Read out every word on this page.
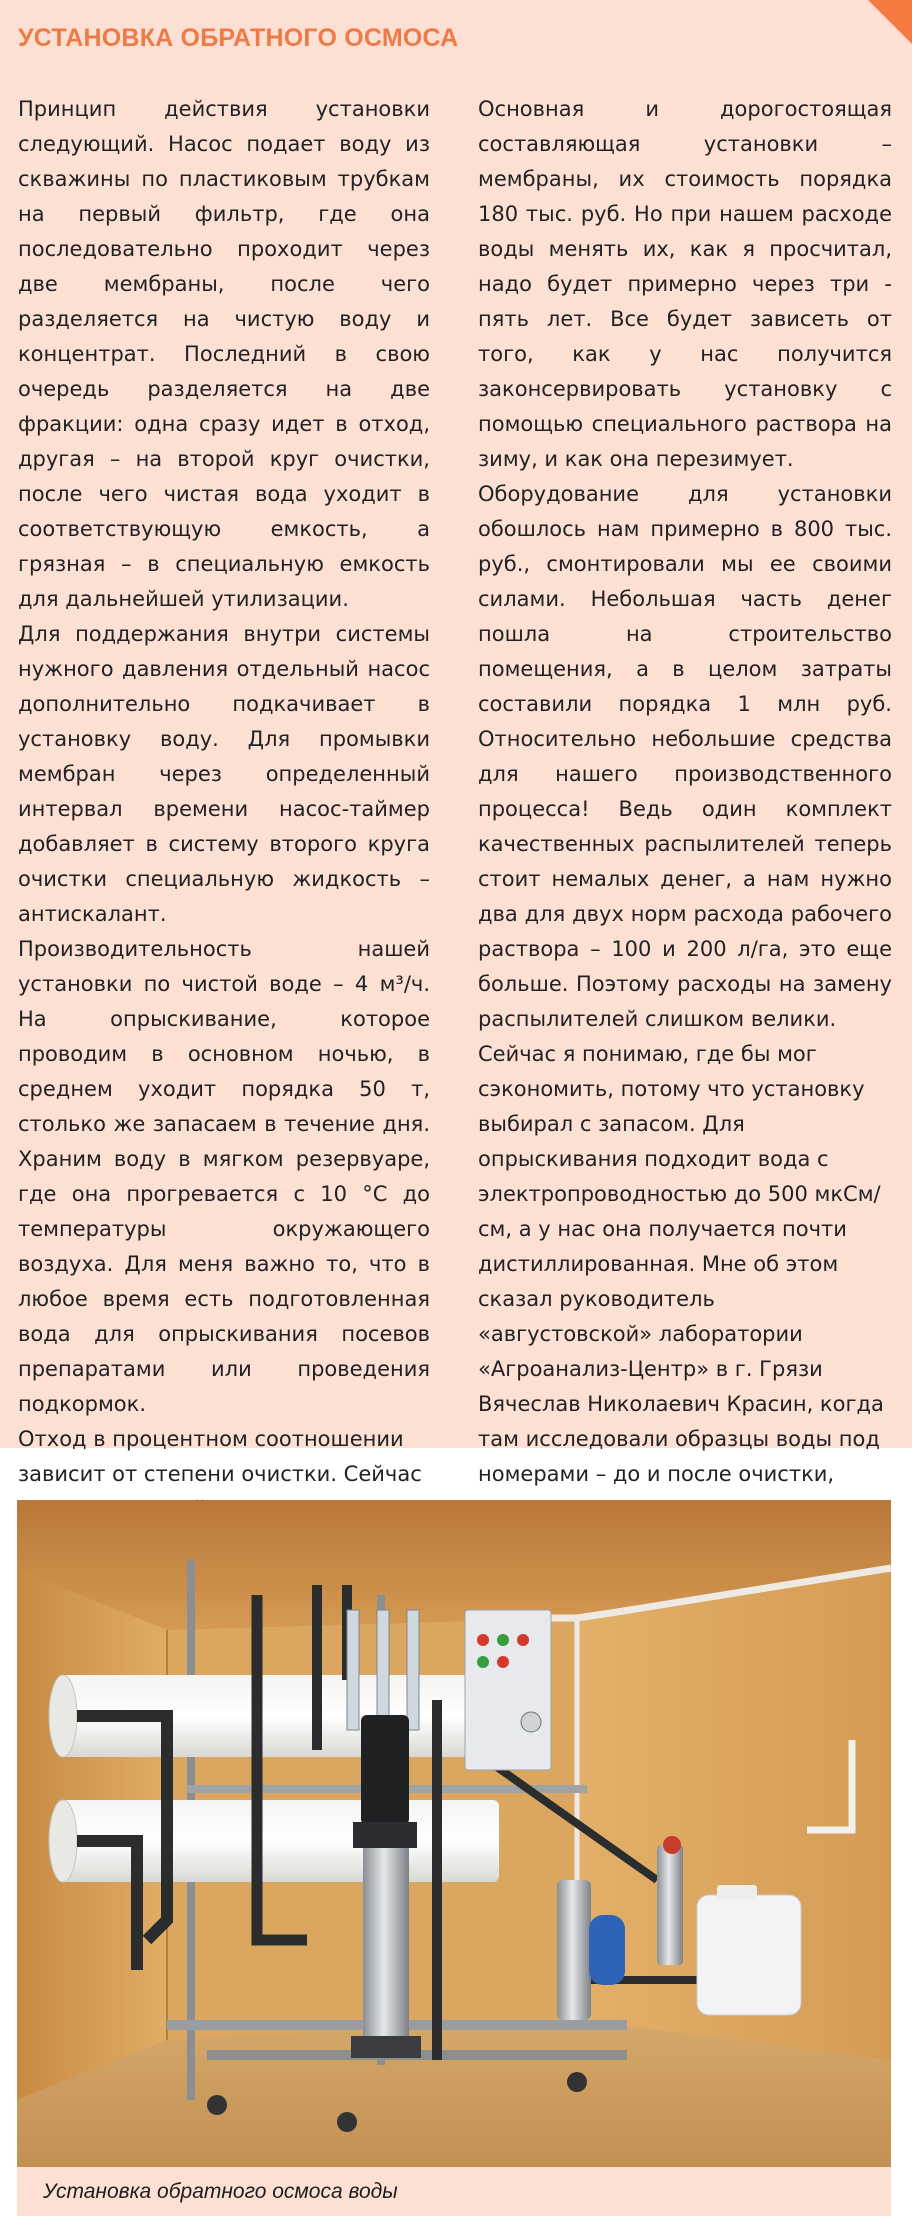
УСТАНОВКА ОБРАТНОГО ОСМОСА

Принцип действия установки следующий. Насос подает воду из скважины по пластиковым трубкам на первый фильтр, где она последовательно проходит через две мембраны, после чего разделяется на чистую воду и концентрат. Последний в свою очередь разделяется на две фракции: одна сразу идет в отход, другая – на второй круг очистки, после чего чистая вода уходит в соответствующую емкость, а грязная – в специальную емкость для дальнейшей утилизации.

Для поддержания внутри системы нужного давления отдельный насос дополнительно подкачивает в установку воду. Для промывки мембран через определенный интервал времени насос-таймер добавляет в систему второго круга очистки специальную жидкость – антискалант.

Производительность нашей установки по чистой воде – 4 м³/ч. На опрыскивание, которое проводим в основном ночью, в среднем уходит порядка 50 т, столько же запасаем в течение дня. Храним воду в мягком резервуаре, где она прогревается с 10 °С до температуры окружающего воздуха. Для меня важно то, что в любое время есть подготовленная вода для опрыскивания посевов препаратами или проведения подкормок.

Отход в процентном соотношении зависит от степени очистки. Сейчас

Основная и дорогостоящая составляющая установки – мембраны, их стоимость порядка 180 тыс. руб. Но при нашем расходе воды менять их, как я просчитал, надо будет примерно через три - пять лет. Все будет зависеть от того, как у нас получится законсервировать установку с помощью специального раствора на зиму, и как она перезимует.

Оборудование для установки обошлось нам примерно в 800 тыс. руб., смонтировали мы ее своими силами. Небольшая часть денег пошла на строительство помещения, а в целом затраты составили порядка 1 млн руб. Относительно небольшие средства для нашего производственного процесса! Ведь один комплект качественных распылителей теперь стоит немалых денег, а нам нужно два для двух норм расхода рабочего раствора – 100 и 200 л/га, это еще больше. Поэтому расходы на замену распылителей слишком велики.

Сейчас я понимаю, где бы мог сэкономить, потому что установку выбирал с запасом. Для опрыскивания подходит вода с электропроводностью до 500 мкСм/см, а у нас она получается почти дистиллированная. Мне об этом сказал руководитель «августовской» лаборатории «Агроанализ-Центр» в г. Грязи Вячеслав Николаевич Красин, когда там исследовали образцы воды под номерами – до и после очистки,

Установка обратного осмоса воды
